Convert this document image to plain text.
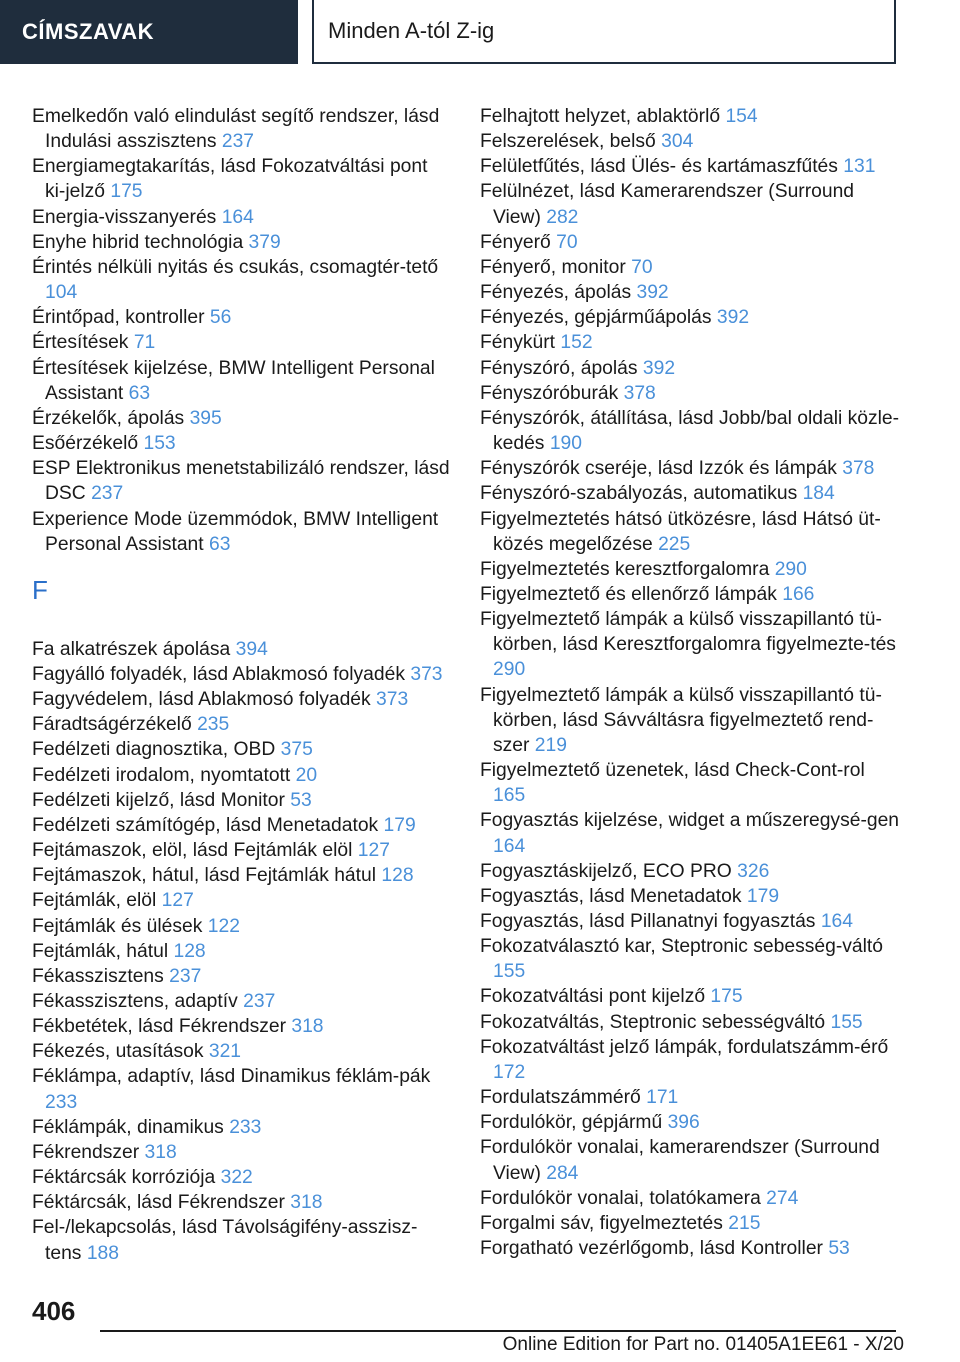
CÍMSZAVAK	Minden A-tól Z-ig
Emelkedőn való elindulást segítő rendszer, lásd Indulási asszisztens 237
Energiamegtakarítás, lásd Fokozatváltási pont ki‐jelző 175
Energia-visszanyerés 164
Enyhe hibrid technológia 379
Érintés nélküli nyitás és csukás, csomagtér‐tető 104
Érintőpad, kontroller 56
Értesítések 71
Értesítések kijelzése, BMW Intelligent Personal Assistant 63
Érzékelők, ápolás 395
Esőérzékelő 153
ESP Elektronikus menetstabilizáló rendszer, lásd DSC 237
Experience Mode üzemmódok, BMW Intelligent Personal Assistant 63
F
Fa alkatrészek ápolása 394
Fagyálló folyadék, lásd Ablakmosó folyadék 373
Fagyvédelem, lásd Ablakmosó folyadék 373
Fáradtságérzékelő 235
Fedélzeti diagnosztika, OBD 375
Fedélzeti irodalom, nyomtatott 20
Fedélzeti kijelző, lásd Monitor 53
Fedélzeti számítógép, lásd Menetadatok 179
Fejtámaszok, elöl, lásd Fejtámlák elöl 127
Fejtámaszok, hátul, lásd Fejtámlák hátul 128
Fejtámlák, elöl 127
Fejtámlák és ülések 122
Fejtámlák, hátul 128
Fékasszisztens 237
Fékasszisztens, adaptív 237
Fékbetétek, lásd Fékrendszer 318
Fékezés, utasítások 321
Féklámpa, adaptív, lásd Dinamikus féklám‐pák 233
Féklámpák, dinamikus 233
Fékrendszer 318
Féktárcsák korróziója 322
Féktárcsák, lásd Fékrendszer 318
Fel-/lekapcsolás, lásd Távolságifény-asszisz‐tens 188
Felhajtott helyzet, ablaktörlő 154
Felszerelések, belső 304
Felületfűtés, lásd Ülés- és kartámaszfűtés 131
Felülnézet, lásd Kamerarendszer (Surround View) 282
Fényerő 70
Fényerő, monitor 70
Fényezés, ápolás 392
Fényezés, gépjárműápolás 392
Fénykürt 152
Fényszóró, ápolás 392
Fényszóróburák 378
Fényszórók, átállítása, lásd Jobb/bal oldali közle‐kedés 190
Fényszórók cseréje, lásd Izzók és lámpák 378
Fényszóró-szabályozás, automatikus 184
Figyelmeztetés hátsó ütközésre, lásd Hátsó üt‐közés megelőzése 225
Figyelmeztetés keresztforgalomra 290
Figyelmeztető és ellenőrző lámpák 166
Figyelmeztető lámpák a külső visszapillantó tü‐körben, lásd Keresztforgalomra figyelmezte‐tés 290
Figyelmeztető lámpák a külső visszapillantó tü‐körben, lásd Sávváltásra figyelmeztető rend‐szer 219
Figyelmeztető üzenetek, lásd Check-Cont‐rol 165
Fogyasztás kijelzése, widget a műszeregysé‐gen 164
Fogyasztáskijelző, ECO PRO 326
Fogyasztás, lásd Menetadatok 179
Fogyasztás, lásd Pillanatnyi fogyasztás 164
Fokozatválasztó kar, Steptronic sebesség‐váltó 155
Fokozatváltási pont kijelző 175
Fokozatváltás, Steptronic sebességváltó 155
Fokozatváltást jelző lámpák, fordulatszámm‐érő 172
Fordulatszámmérő 171
Fordulókör, gépjármű 396
Fordulókör vonalai, kamerarendszer (Surround View) 284
Fordulókör vonalai, tolatókamera 274
Forgalmi sáv, figyelmeztetés 215
Forgatható vezérlőgomb, lásd Kontroller 53
406
Online Edition for Part no. 01405A1EE61 - X/20
